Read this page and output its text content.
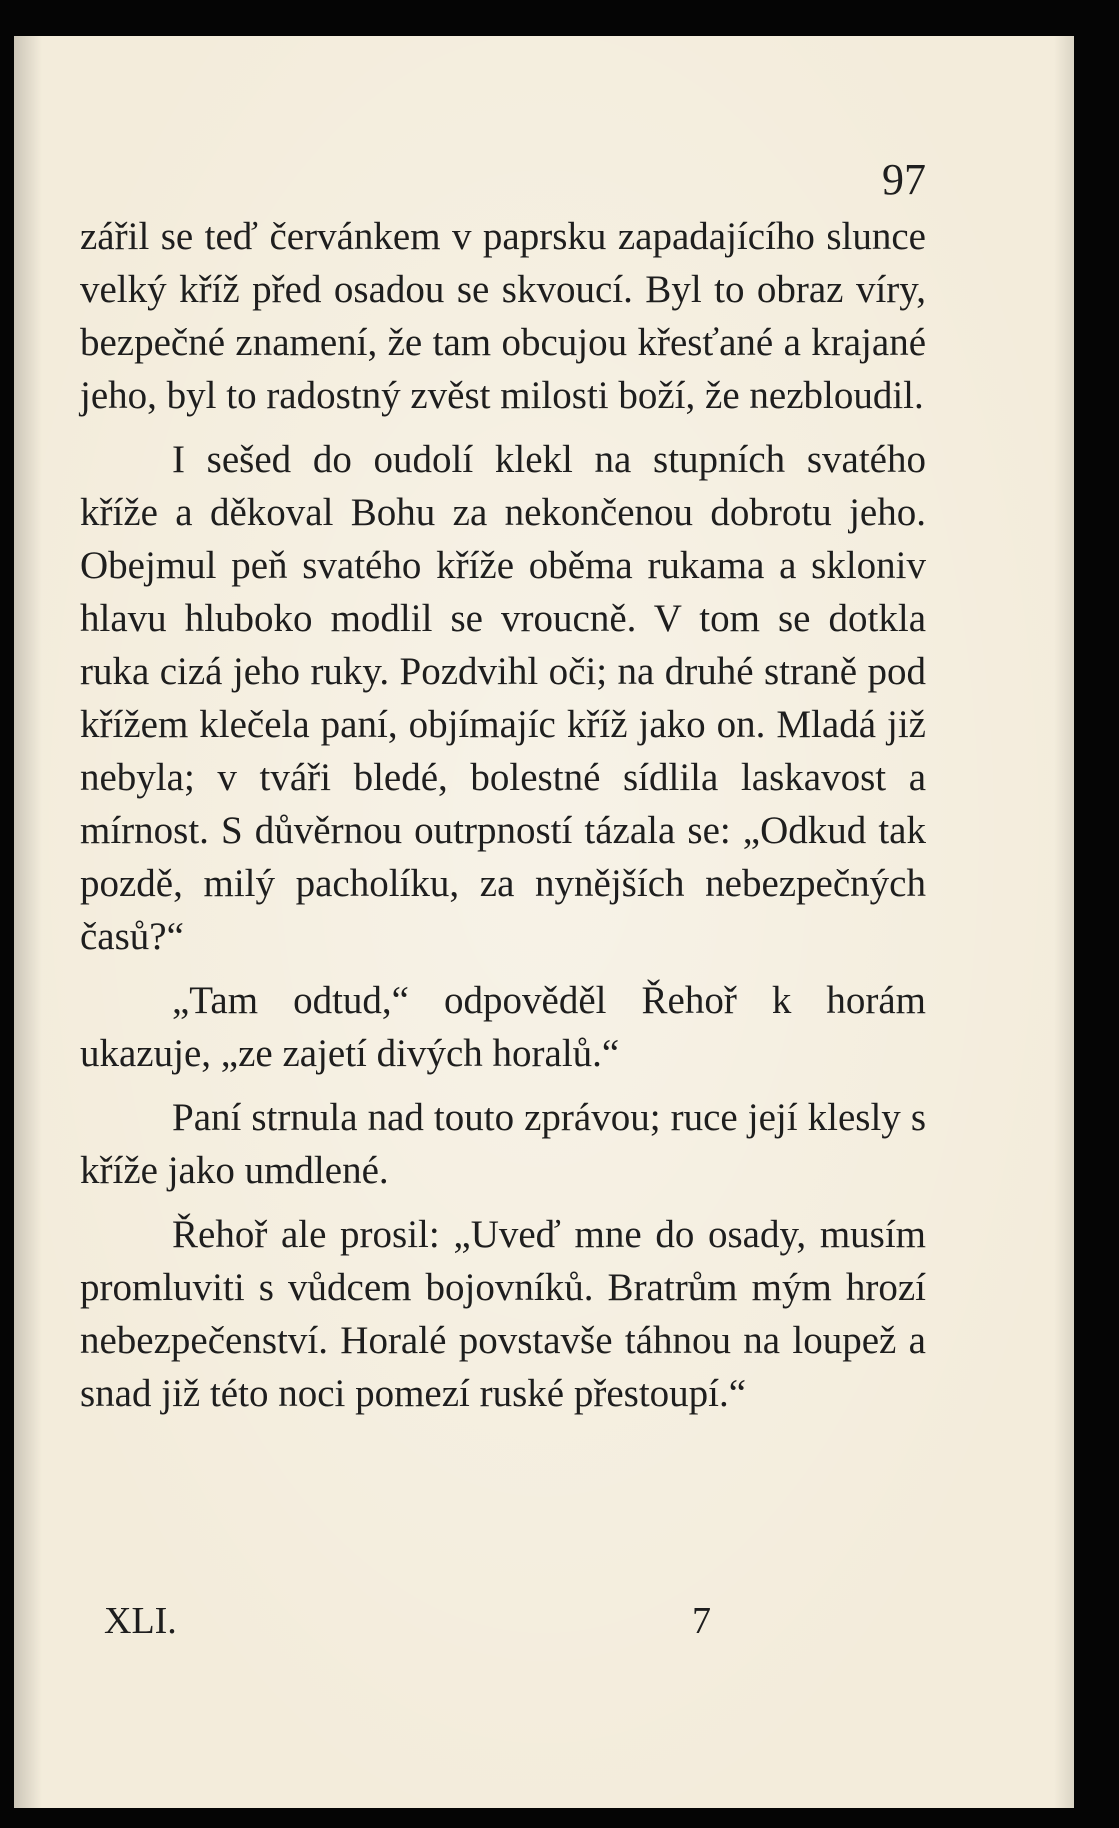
97

zářil se teď červánkem v paprsku zapadajícího slunce velký kříž před osadou se skvoucí. Byl to obraz víry, bezpečné znamení, že tam obcujou křesťané a krajané jeho, byl to radostný zvěst milosti boží, že nezbloudil.

I sešed do oudolí klekl na stupních svatého kříže a děkoval Bohu za nekončenou dobrotu jeho. Obejmul peň svatého kříže oběma rukama a skloniv hlavu hluboko modlil se vroucně. V tom se dotkla ruka cizá jeho ruky. Pozdvihl oči; na druhé straně pod křížem klečela paní, objímajíc kříž jako on. Mladá již nebyla; v tváři bledé, bolestné sídlila laskavost a mírnost. S důvěrnou outrpností tázala se: „Odkud tak pozdě, milý pacholíku, za nynějších nebezpečných časů?“

„Tam odtud,“ odpověděl Řehoř k horám ukazuje, „ze zajetí divých horalů.“

Paní strnula nad touto zprávou; ruce její klesly s kříže jako umdlené.

Řehoř ale prosil: „Uveď mne do osady, musím promluviti s vůdcem bojovníků. Bratrům mým hrozí nebezpečenství. Horalé povstavše táhnou na loupež a snad již této noci pomezí ruské přestoupí.“

XLI.	7
